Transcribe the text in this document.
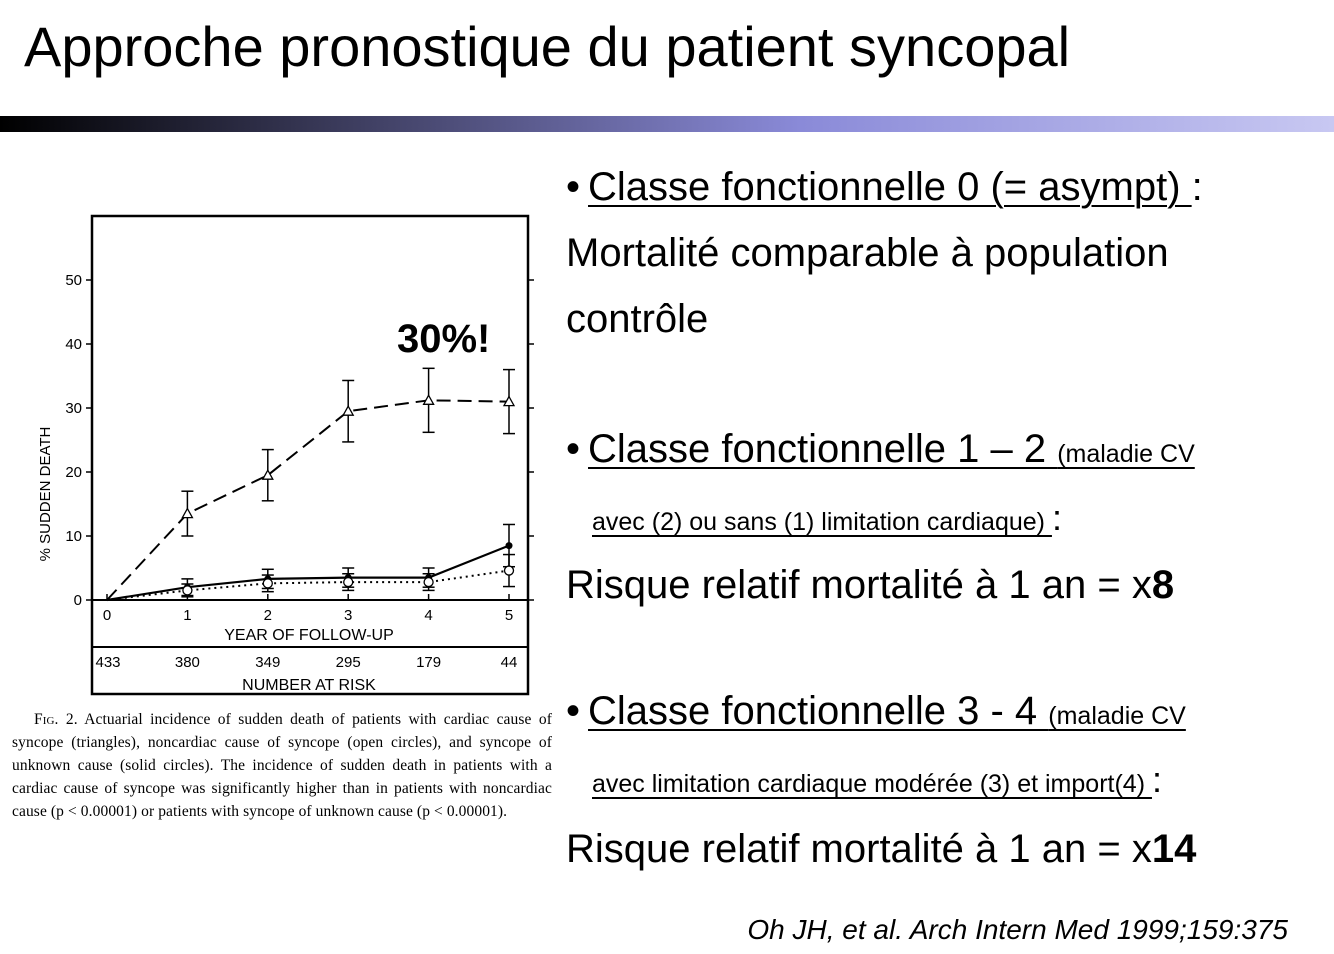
Approche pronostique du patient syncopal
0
10
20
30
40
50
0
433
1
380
2
349
3
295
4
179
5
44
30%!
% SUDDEN DEATH
YEAR OF FOLLOW-UP
NUMBER AT RISK
Fig. 2. Actuarial incidence of sudden death of patients with cardiac cause of syncope (triangles), noncardiac cause of syncope (open circles), and syncope of unknown cause (solid circles). The incidence of sudden death in patients with a cardiac cause of syncope was significantly higher than in patients with noncardiac cause (p < 0.00001) or patients with syncope of unknown cause (p < 0.00001).
• Classe fonctionnelle 0 (= asympt) :
Mortalité comparable à population
contrôle
• Classe fonctionnelle 1 – 2 (maladie CV
avec (2) ou sans (1) limitation cardiaque) :
Risque relatif mortalité à 1 an = x8
• Classe fonctionnelle 3 - 4 (maladie CV
avec limitation cardiaque modérée (3) et import(4) :
Risque relatif mortalité à 1 an = x14
Oh JH, et al. Arch Intern Med 1999;159:375
